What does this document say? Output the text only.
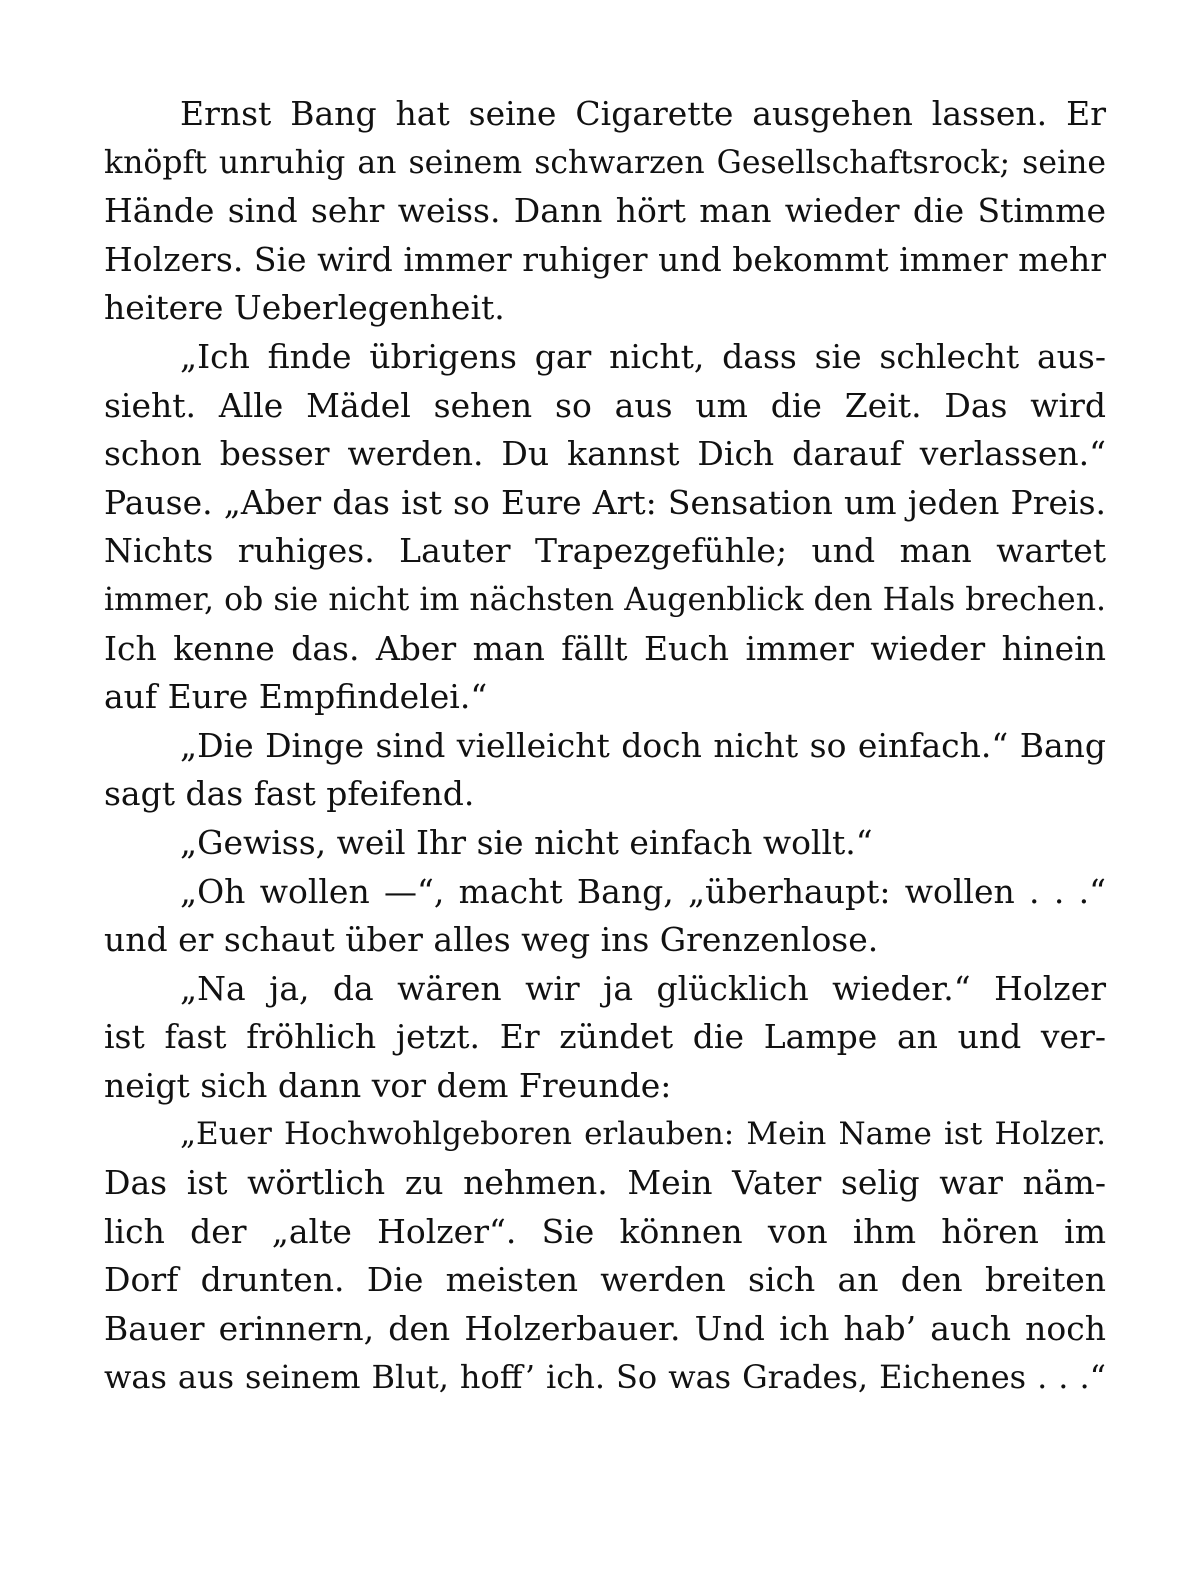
Ernst Bang hat seine Cigarette ausgehen lassen. Er
knöpft unruhig an seinem schwarzen Gesellschaftsrock; seine
Hände sind sehr weiss. Dann hört man wieder die Stimme
Holzers. Sie wird immer ruhiger und bekommt immer mehr
heitere Ueberlegenheit.
„Ich finde übrigens gar nicht, dass sie schlecht aus-
sieht. Alle Mädel sehen so aus um die Zeit. Das wird
schon besser werden. Du kannst Dich darauf verlassen.“
Pause. „Aber das ist so Eure Art: Sensation um jeden Preis.
Nichts ruhiges. Lauter Trapezgefühle; und man wartet
immer, ob sie nicht im nächsten Augenblick den Hals brechen.
Ich kenne das. Aber man fällt Euch immer wieder hinein
auf Eure Empfindelei.“
„Die Dinge sind vielleicht doch nicht so einfach.“ Bang
sagt das fast pfeifend.
„Gewiss, weil Ihr sie nicht einfach wollt.“
„Oh wollen —“, macht Bang, „überhaupt: wollen . . .“
und er schaut über alles weg ins Grenzenlose.
„Na ja, da wären wir ja glücklich wieder.“ Holzer
ist fast fröhlich jetzt. Er zündet die Lampe an und ver-
neigt sich dann vor dem Freunde:
„Euer Hochwohlgeboren erlauben: Mein Name ist Holzer.
Das ist wörtlich zu nehmen. Mein Vater selig war näm-
lich der „alte Holzer“. Sie können von ihm hören im
Dorf drunten. Die meisten werden sich an den breiten
Bauer erinnern, den Holzerbauer. Und ich hab’ auch noch
was aus seinem Blut, hoff’ ich. So was Grades, Eichenes . . .“
